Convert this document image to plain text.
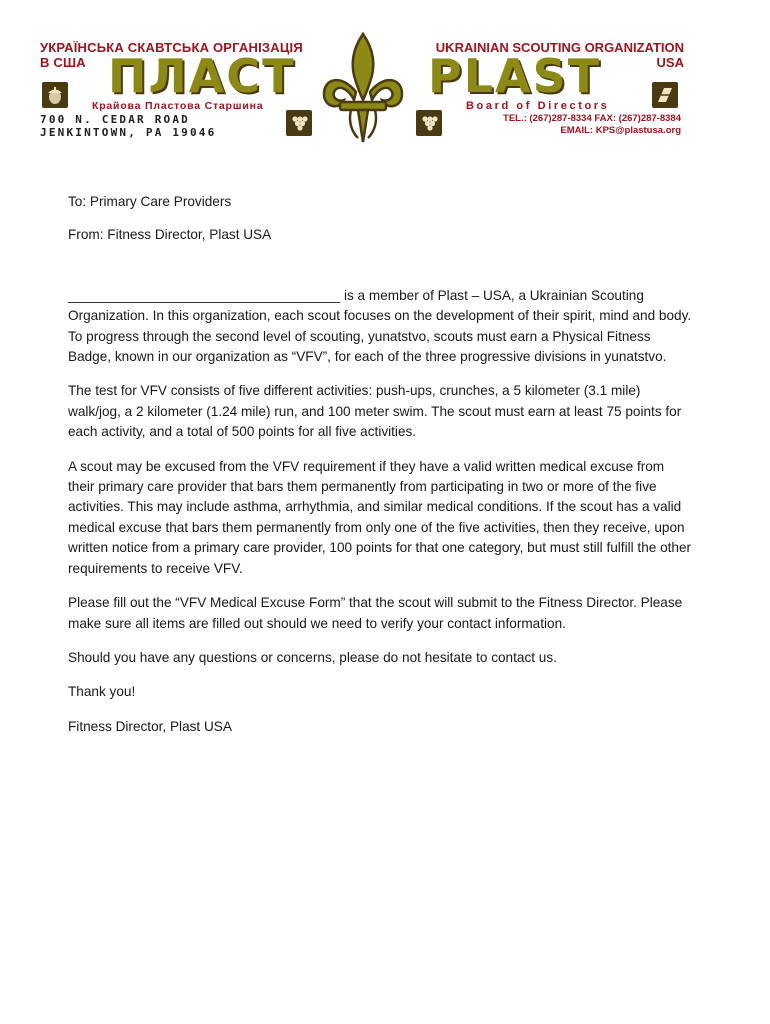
УКРАЇНСЬКА СКАВТСЬКА ОРГАНІЗАЦІЯ
В США ПЛАСТ
Крайова Пластова Старшина
700 N. CEDAR ROAD
JENKINTOWN, PA 19046
UKRAINIAN SCOUTING ORGANIZATION
USA
PLAST
Board of Directors
TEL.: (267)287-8334 FAX: (267)287-8384
EMAIL: KPS@plastusa.org

To: Primary Care Providers

From: Fitness Director, Plast USA

____________________________________ is a member of Plast – USA, a Ukrainian Scouting Organization. In this organization, each scout focuses on the development of their spirit, mind and body. To progress through the second level of scouting, yunatstvo, scouts must earn a Physical Fitness Badge, known in our organization as “VFV”, for each of the three progressive divisions in yunatstvo.

The test for VFV consists of five different activities: push-ups, crunches, a 5 kilometer (3.1 mile) walk/jog, a 2 kilometer (1.24 mile) run, and 100 meter swim. The scout must earn at least 75 points for each activity, and a total of 500 points for all five activities.

A scout may be excused from the VFV requirement if they have a valid written medical excuse from their primary care provider that bars them permanently from participating in two or more of the five activities. This may include asthma, arrhythmia, and similar medical conditions. If the scout has a valid medical excuse that bars them permanently from only one of the five activities, then they receive, upon written notice from a primary care provider, 100 points for that one category, but must still fulfill the other requirements to receive VFV.

Please fill out the “VFV Medical Excuse Form” that the scout will submit to the Fitness Director. Please make sure all items are filled out should we need to verify your contact information.

Should you have any questions or concerns, please do not hesitate to contact us.

Thank you!

Fitness Director, Plast USA
